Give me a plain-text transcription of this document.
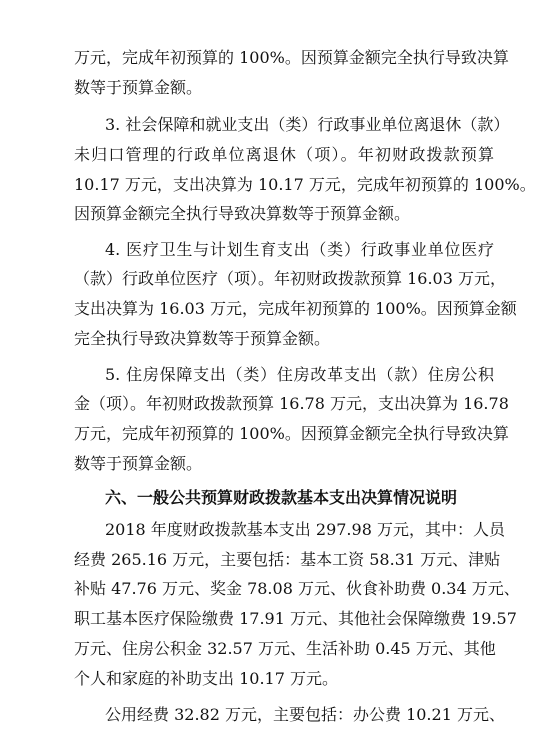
万元，完成年初预算的 100%。因预算金额完全执行导致决算
数等于预算金额。
3. 社会保障和就业支出（类）行政事业单位离退休（款）
未归口管理的行政单位离退休（项）。年初财政拨款预算
10.17 万元，支出决算为 10.17 万元，完成年初预算的 100%。
因预算金额完全执行导致决算数等于预算金额。
4. 医疗卫生与计划生育支出（类）行政事业单位医疗
（款）行政单位医疗（项）。年初财政拨款预算 16.03 万元，
支出决算为 16.03 万元，完成年初预算的 100%。因预算金额
完全执行导致决算数等于预算金额。
5. 住房保障支出（类）住房改革支出（款）住房公积
金（项）。年初财政拨款预算 16.78 万元，支出决算为 16.78
万元，完成年初预算的 100%。因预算金额完全执行导致决算
数等于预算金额。
六、一般公共预算财政拨款基本支出决算情况说明
2018 年度财政拨款基本支出 297.98 万元，其中：人员
经费 265.16 万元，主要包括：基本工资 58.31 万元、津贴
补贴 47.76 万元、奖金 78.08 万元、伙食补助费 0.34 万元、
职工基本医疗保险缴费 17.91 万元、其他社会保障缴费 19.57
万元、住房公积金 32.57 万元、生活补助 0.45 万元、其他
个人和家庭的补助支出 10.17 万元。
公用经费 32.82 万元，主要包括：办公费 10.21 万元、
